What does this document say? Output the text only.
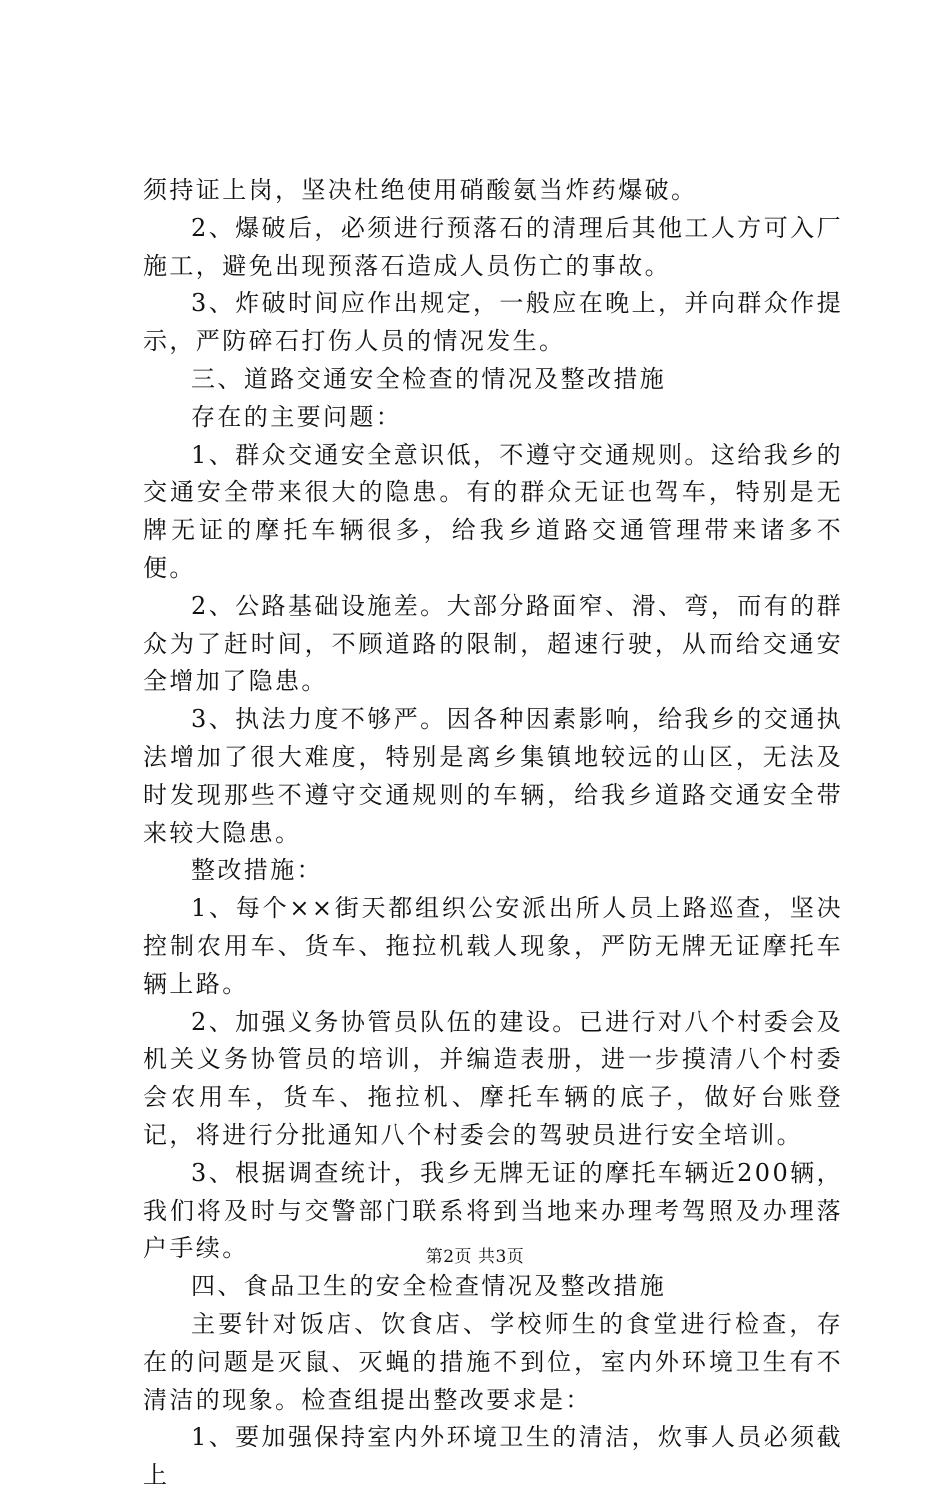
须持证上岗，坚决杜绝使用硝酸氨当炸药爆破。

2、爆破后，必须进行预落石的清理后其他工人方可入厂施工，避免出现预落石造成人员伤亡的事故。

3、炸破时间应作出规定，一般应在晚上，并向群众作提示，严防碎石打伤人员的情况发生。

三、道路交通安全检查的情况及整改措施

存在的主要问题：

1、群众交通安全意识低，不遵守交通规则。这给我乡的交通安全带来很大的隐患。有的群众无证也驾车，特别是无牌无证的摩托车辆很多，给我乡道路交通管理带来诸多不便。

2、公路基础设施差。大部分路面窄、滑、弯，而有的群众为了赶时间，不顾道路的限制，超速行驶，从而给交通安全增加了隐患。

3、执法力度不够严。因各种因素影响，给我乡的交通执法增加了很大难度，特别是离乡集镇地较远的山区，无法及时发现那些不遵守交通规则的车辆，给我乡道路交通安全带来较大隐患。

整改措施：

1、每个××街天都组织公安派出所人员上路巡查，坚决控制农用车、货车、拖拉机载人现象，严防无牌无证摩托车辆上路。

2、加强义务协管员队伍的建设。已进行对八个村委会及机关义务协管员的培训，并编造表册，进一步摸清八个村委会农用车，货车、拖拉机、摩托车辆的底子，做好台账登记，将进行分批通知八个村委会的驾驶员进行安全培训。

3、根据调查统计，我乡无牌无证的摩托车辆近200辆，我们将及时与交警部门联系将到当地来办理考驾照及办理落户手续。

四、食品卫生的安全检查情况及整改措施

主要针对饭店、饮食店、学校师生的食堂进行检查，存在的问题是灭鼠、灭蝇的措施不到位，室内外环境卫生有不清洁的现象。检查组提出整改要求是：

1、要加强保持室内外环境卫生的清洁，炊事人员必须截上

第2页 共3页
